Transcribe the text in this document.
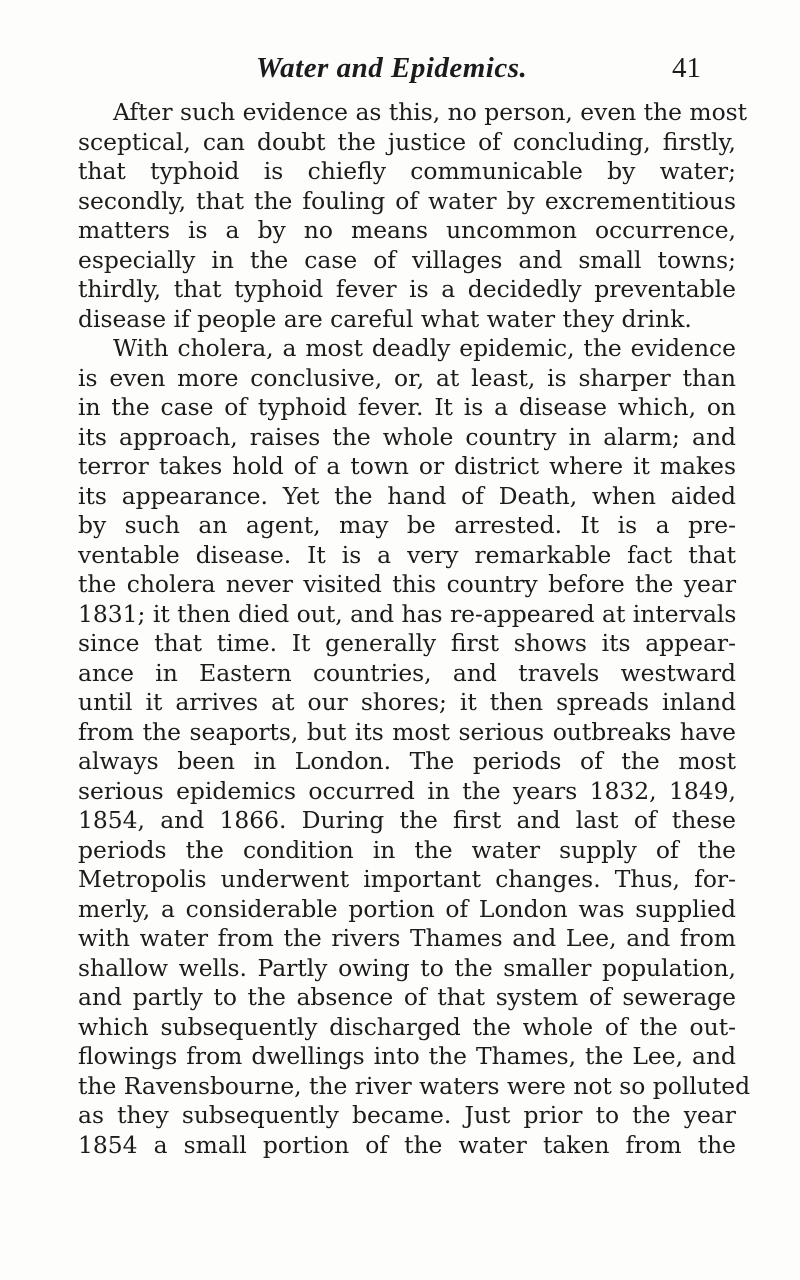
Water and Epidemics.	41
After such evidence as this, no person, even the most
sceptical, can doubt the justice of concluding, firstly,
that typhoid is chiefly communicable by water;
secondly, that the fouling of water by excrementitious
matters is a by no means uncommon occurrence,
especially in the case of villages and small towns;
thirdly, that typhoid fever is a decidedly preventable
disease if people are careful what water they drink.
With cholera, a most deadly epidemic, the evidence
is even more conclusive, or, at least, is sharper than
in the case of typhoid fever. It is a disease which, on
its approach, raises the whole country in alarm; and
terror takes hold of a town or district where it makes
its appearance. Yet the hand of Death, when aided
by such an agent, may be arrested. It is a pre-
ventable disease. It is a very remarkable fact that
the cholera never visited this country before the year
1831; it then died out, and has re-appeared at intervals
since that time. It generally first shows its appear-
ance in Eastern countries, and travels westward
until it arrives at our shores; it then spreads inland
from the seaports, but its most serious outbreaks have
always been in London. The periods of the most
serious epidemics occurred in the years 1832, 1849,
1854, and 1866. During the first and last of these
periods the condition in the water supply of the
Metropolis underwent important changes. Thus, for-
merly, a considerable portion of London was supplied
with water from the rivers Thames and Lee, and from
shallow wells. Partly owing to the smaller population,
and partly to the absence of that system of sewerage
which subsequently discharged the whole of the out-
flowings from dwellings into the Thames, the Lee, and
the Ravensbourne, the river waters were not so polluted
as they subsequently became. Just prior to the year
1854 a small portion of the water taken from the
